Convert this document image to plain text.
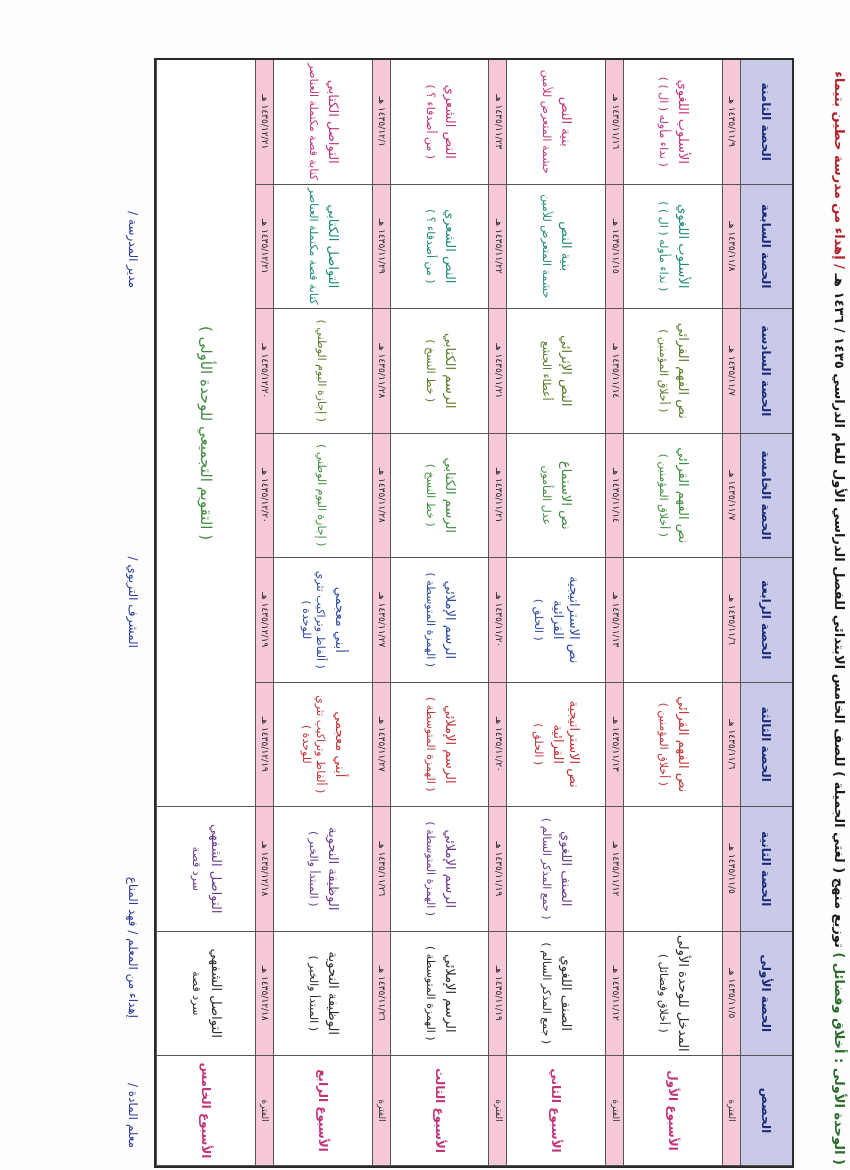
( الوحدة الأولى : أخلاق وفضائل ) توزيع منهج ( لغتي الجميلة ) للصف الخامس الابتدائي للفصل الدراسي الأول للعام الدراسي ١٤٣٥ / ١٤٣٦ هـ / إهداء من مدرسة حطين بتيماء
الحصص
الحصة الأولى
الحصة الثانية
الحصة الثالثة
الحصة الرابعة
الحصة الخامسة
الحصة السادسة
الحصة السابعة
الحصة الثامنة
الفترة
١٤٣٥/١١/٥ هـ
١٤٣٥/١١/٥ هـ
١٤٣٥/١١/٦ هـ
١٤٣٥/١١/٦ هـ
١٤٣٥/١١/٧ هـ
١٤٣٥/١١/٧ هـ
١٤٣٥/١١/٨ هـ
١٤٣٥/١١/٩ هـ
الأسبوع الأول
المدخل للوحدة الأولى
( أخلاق وفضائل )
نص الفهم القرائي
( أخلاق المؤمنين )
نص الفهم القرائي
( أخلاق المؤمنين )
نص الفهم القرائي
( أخلاق المؤمنين )
الأسلوب اللغوي
( نداء مأوله ( ال ) )
الأسلوب اللغوي
( نداء مأوله ( ال ) )
الفترة
١٤٣٥/١١/١٢ هـ
١٤٣٥/١١/١٢ هـ
١٤٣٥/١١/١٣ هـ
١٤٣٥/١١/١٣ هـ
١٤٣٥/١١/١٤ هـ
١٤٣٥/١١/١٤ هـ
١٤٣٥/١١/١٥ هـ
١٤٣٥/١١/١٦ هـ
الأسبوع الثاني
الصنف اللغوي
( جمع المذكر السالم )
الصنف اللغوي
( جمع المذكر السالم )
نص الاستراتيجية القرائية
( الحلق )
نص الاستراتيجية القرائية
( الحلق )
نص الاستماع
عدل المأمون
النص الإثرائي
أعطاء الجشع
بنية النص
حشمة المتعرض للأمين
بنية النص
حشمة المتعرض للأمين
الفترة
١٤٣٥/١١/١٩ هـ
١٤٣٥/١١/١٩ هـ
١٤٣٥/١١/٢٠ هـ
١٤٣٥/١١/٢٠ هـ
١٤٣٥/١١/٢١ هـ
١٤٣٥/١١/٢١ هـ
١٤٣٥/١١/٢٢ هـ
١٤٣٥/١١/٢٣ هـ
الأسبوع الثالث
الرسم الإملائي
( الهمزة المتوسطة )
الرسم الإملائي
( الهمزة المتوسطة )
الرسم الإملائي
( الهمزة المتوسطة )
الرسم الإملائي
( الهمزة المتوسطة )
الرسم الكتابي
( خط النسخ )
الرسم الكتابي
( خط النسخ )
النص الشعري
( من أصدقاء ؟ )
النص الشعري
( من أصدقاء ؟ )
الفترة
١٤٣٥/١١/٢٦ هـ
١٤٣٥/١١/٢٦ هـ
١٤٣٥/١١/٢٧ هـ
١٤٣٥/١١/٢٧ هـ
١٤٣٥/١١/٢٨ هـ
١٤٣٥/١١/٢٨ هـ
١٤٣٥/١١/٢٩ هـ
١٤٣٥/١٢/١ هـ
الأسبوع الرابع
الوظيفة النحوية
( المبتدأ والخبر )
الوظيفة النحوية
( المبتدأ والخبر )
أبني معجمي
( ألفاظ وتراكيب تثري للوحدة )
أبني معجمي
( ألفاظ وتراكيب تثري للوحدة )
( إجازة اليوم الوطني )
( إجازة اليوم الوطني )
التواصل الكتابي
كتابة قصة مكتملة العناصر
التواصل الكتابي
كتابة قصة مكتملة العناصر
الفترة
١٤٣٥/١٢/١٨ هـ
١٤٣٥/١٢/١٨ هـ
١٤٣٥/١٢/١٩ هـ
١٤٣٥/١٢/١٩ هـ
١٤٣٥/١٢/٢٠ هـ
١٤٣٥/١٢/٢٠ هـ
١٤٣٥/١٢/٢١ هـ
١٤٣٥/١٢/٢١ هـ
الأسبوع الخامس
التواصل الشفهي
سرد قصة
التواصل الشفهي
سرد قصة
( التقويم التجميعي للوحدة الأولى )
معلم المادة /
إهداء من المعلم / فهد المناع
المشرف التربوي /
مدير المدرسة /
